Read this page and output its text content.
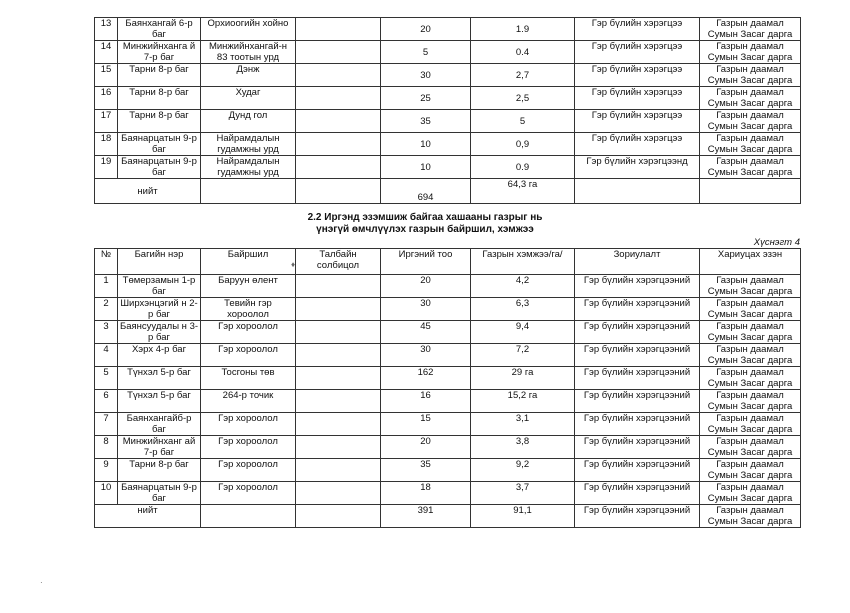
13	Баянхангай 6-р баг	Орхиоогийн хойно		20	1.9	Гэр бүлийн хэрэгцээ	Газрын даамал Сумын Засаг дарга
14	Минжийнханга й 7-р баг	Минжийнхангай-н 83 тоотын урд		5	0.4	Гэр бүлийн хэрэгцээ	Газрын даамал Сумын Засаг дарга
15	Тарни 8-р баг	Дэнж		30	2,7	Гэр бүлийн хэрэгцээ	Газрын даамал Сумын Засаг дарга
16	Тарни 8-р баг	Худаг		25	2,5	Гэр бүлийн хэрэгцээ	Газрын даамал Сумын Засаг дарга
17	Тарни 8-р баг	Дунд гол		35	5	Гэр бүлийн хэрэгцээ	Газрын даамал Сумын Засаг дарга
18	Баянарцатын 9-р баг	Найрамдалын гудамжны урд		10	0,9	Гэр бүлийн хэрэгцээ	Газрын даамал Сумын Засаг дарга
19	Баянарцатын 9-р баг	Найрамдалын гудамжны урд		10	0.9	Гэр бүлийн хэрэгцээнд	Газрын даамал Сумын Засаг дарга
нийт				694	64,3 га		
2.2 Иргэнд эзэмшиж байгаа хашааны газрыг нь
үнэгүй өмчлүүлэх газрын байршил, хэмжээ
Хүснэгт 4
№	Багийн нэр	Байршил	Талбайн солбицол	Иргэний тоо	Газрын хэмжээ/га/	Зориулалт	Хариуцах эзэн
1	Төмерзамын 1-р баг	Баруун өлент		20	4,2	Гэр бүлийн хэрэгцээний	Газрын даамал Сумын Засаг дарга
2	Ширхэнцэгий н 2-р баг	Тевийн гэр хороолол		30	6,3	Гэр бүлийн хэрэгцээний	Газрын даамал Сумын Засаг дарга
3	Баянсуудалы н 3-р баг	Гэр хороолол		45	9,4	Гэр бүлийн хэрэгцээний	Газрын даамал Сумын Засаг дарга
4	Хэрх 4-р баг	Гэр хороолол		30	7,2	Гэр бүлийн хэрэгцээний	Газрын даамал Сумын Засаг дарга
5	Түнхэл 5-р баг	Тосгоны төв		162	29 га	Гэр бүлийн хэрэгцээний	Газрын даамал Сумын Засаг дарга
6	Түнхэл 5-р баг	264-р точик		16	15,2 га	Гэр бүлийн хэрэгцээний	Газрын даамал Сумын Засаг дарга
7	Баянхангайб-р баг	Гэр хороолол		15	3,1	Гэр бүлийн хэрэгцээний	Газрын даамал Сумын Засаг дарга
8	Минжийнханг ай 7-р баг	Гэр хороолол		20	3,8	Гэр бүлийн хэрэгцээний	Газрын даамал Сумын Засаг дарга
9	Тарни 8-р баг	Гэр хороолол		35	9,2	Гэр бүлийн хэрэгцээний	Газрын даамал Сумын Засаг дарга
10	Баянарцатын 9-р баг	Гэр хороолол		18	3,7	Гэр бүлийн хэрэгцээний	Газрын даамал Сумын Засаг дарга
нийт				391	91,1	Гэр бүлийн хэрэгцээний	Газрын даамал Сумын Засаг дарга
♦
·
